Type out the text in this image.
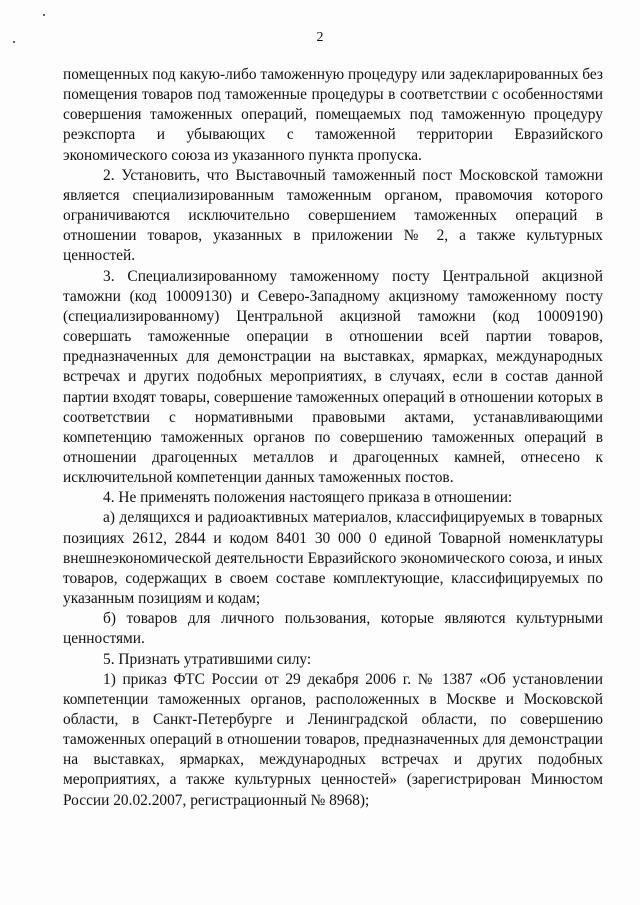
2

помещенных под какую-либо таможенную процедуру или задекларированных без помещения товаров под таможенные процедуры в соответствии с особенностями совершения таможенных операций, помещаемых под таможенную процедуру реэкспорта и убывающих с таможенной территории Евразийского экономического союза из указанного пункта пропуска.

2. Установить, что Выставочный таможенный пост Московской таможни является специализированным таможенным органом, правомочия которого ограничиваются исключительно совершением таможенных операций в отношении товаров, указанных в приложении № 2, а также культурных ценностей.

3. Специализированному таможенному посту Центральной акцизной таможни (код 10009130) и Северо-Западному акцизному таможенному посту (специализированному) Центральной акцизной таможни (код 10009190) совершать таможенные операции в отношении всей партии товаров, предназначенных для демонстрации на выставках, ярмарках, международных встречах и других подобных мероприятиях, в случаях, если в состав данной партии входят товары, совершение таможенных операций в отношении которых в соответствии с нормативными правовыми актами, устанавливающими компетенцию таможенных органов по совершению таможенных операций в отношении драгоценных металлов и драгоценных камней, отнесено к исключительной компетенции данных таможенных постов.

4. Не применять положения настоящего приказа в отношении:

а) делящихся и радиоактивных материалов, классифицируемых в товарных позициях 2612, 2844 и кодом 8401 30 000 0 единой Товарной номенклатуры внешнеэкономической деятельности Евразийского экономического союза, и иных товаров, содержащих в своем составе комплектующие, классифицируемых по указанным позициям и кодам;

б) товаров для личного пользования, которые являются культурными ценностями.

5. Признать утратившими силу:

1) приказ ФТС России от 29 декабря 2006 г. № 1387 «Об установлении компетенции таможенных органов, расположенных в Москве и Московской области, в Санкт-Петербурге и Ленинградской области, по совершению таможенных операций в отношении товаров, предназначенных для демонстрации на выставках, ярмарках, международных встречах и других подобных мероприятиях, а также культурных ценностей» (зарегистрирован Минюстом России 20.02.2007, регистрационный № 8968);
